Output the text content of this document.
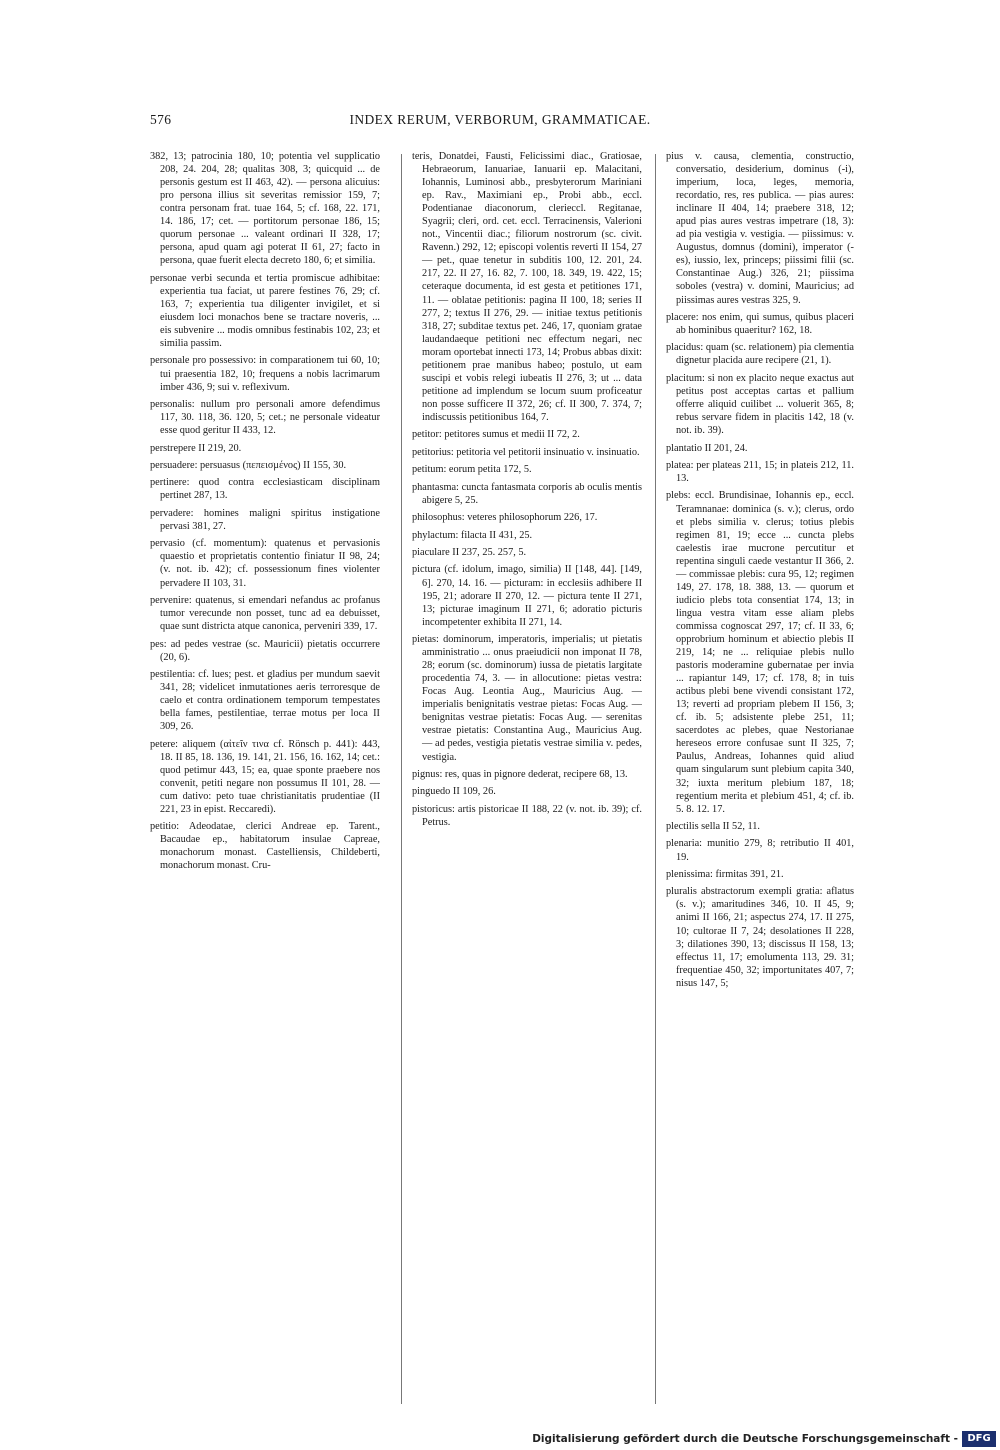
576	INDEX RERUM, VERBORUM, GRAMMATICAE.

382, 13; patrocinia 180, 10; potentia vel supplicatio 208, 24. 204, 28; qualitas 308, 3; quicquid ... de personis gestum est II 463, 42). — persona alicuius: pro persona illius sit severitas remissior 159, 7; contra personam frat. tuae 164, 5; cf. 168, 22. 171, 14. 186, 17; cet. — portitorum personae 186, 15; quorum personae ... valeant ordinari II 328, 17; persona, apud quam agi poterat II 61, 27; facto in persona, quae fuerit electa decreto 180, 6; et similia.

personae verbi secunda et tertia promiscue adhibitae: experientia tua faciat, ut parere festines 76, 29; cf. 163, 7; experientia tua diligenter invigilet, et si eiusdem loci monachos bene se tractare noveris, ... eis subvenire ... modis omnibus festinabis 102, 23; et similia passim.

personale pro possessivo: in comparationem tui 60, 10; tui praesentia 182, 10; frequens a nobis lacrimarum imber 436, 9; sui v. reflexivum.

personalis: nullum pro personali amore defendimus 117, 30. 118, 36. 120, 5; cet.; ne personale videatur esse quod geritur II 433, 12.

perstrepere II 219, 20.

persuadere: persuasus (πεπεισμένος) II 155, 30.

pertinere: quod contra ecclesiasticam disciplinam pertinet 287, 13.

pervadere: homines maligni spiritus instigatione pervasi 381, 27.

pervasio (cf. momentum): quatenus et pervasionis quaestio et proprietatis contentio finiatur II 98, 24; (v. not. ib. 42); cf. possessionum fines violenter pervadere II 103, 31.

pervenire: quatenus, si emendari nefandus ac profanus tumor verecunde non posset, tunc ad ea debuisset, quae sunt districta atque canonica, perveniri 339, 17.

pes: ad pedes vestrae (sc. Mauricii) pietatis occurrere (20, 6).

pestilentia: cf. lues; pest. et gladius per mundum saevit 341, 28; videlicet inmutationes aeris terroresque de caelo et contra ordinationem temporum tempestates bella fames, pestilentiae, terrae motus per loca II 309, 26.

petere: aliquem (αἰτεῖν τινα cf. Rönsch p. 441): 443, 18. II 85, 18. 136, 19. 141, 21. 156, 16. 162, 14; cet.: quod petimur 443, 15; ea, quae sponte praebere nos convenit, petiti negare non possumus II 101, 28. — cum dativo: peto tuae christianitatis prudentiae (II 221, 23 in epist. Reccaredi).

petitio: Adeodatae, clerici Andreae ep. Tarent., Bacaudae ep., habitatorum insulae Capreae, monachorum monast. Castelliensis, Childeberti, monachorum monast. Cru-

teris, Donatdei, Fausti, Felicissimi diac., Gratiosae, Hebraeorum, Ianuariae, Ianuarii ep. Malacitani, Iohannis, Luminosi abb., presbyterorum Mariniani ep. Rav., Maximiani ep., Probi abb., eccl. Podentianae diaconorum, clerieccl. Regitanae, Syagrii; cleri, ord. cet. eccl. Terracinensis, Valerioni not., Vincentii diac.; filiorum nostrorum (sc. civit. Ravenn.) 292, 12; episcopi volentis reverti II 154, 27 — pet., quae tenetur in subditis 100, 12. 201, 24. 217, 22. II 27, 16. 82, 7. 100, 18. 349, 19. 422, 15; ceteraque documenta, id est gesta et petitiones 171, 11. — oblatae petitionis: pagina II 100, 18; series II 277, 2; textus II 276, 29. — initiae textus petitionis 318, 27; subditae textus pet. 246, 17, quoniam gratae laudandaeque petitioni nec effectum negari, nec moram oportebat innecti 173, 14; Probus abbas dixit: petitionem prae manibus habeo; postulo, ut eam suscipi et vobis relegi iubeatis II 276, 3; ut ... data petitione ad implendum se locum suum proficeatur non posse sufficere II 372, 26; cf. II 300, 7. 374, 7; indiscussis petitionibus 164, 7.

petitor: petitores sumus et medii II 72, 2.

petitorius: petitoria vel petitorii insinuatio v. insinuatio.

petitum: eorum petita 172, 5.

phantasma: cuncta fantasmata corporis ab oculis mentis abigere 5, 25.

philosophus: veteres philosophorum 226, 17.

phylactum: filacta II 431, 25.

piaculare II 237, 25. 257, 5.

pictura (cf. idolum, imago, similia) II [148, 44]. [149, 6]. 270, 14. 16. — picturam: in ecclesiis adhibere II 195, 21; adorare II 270, 12. — pictura tente II 271, 13; picturae imaginum II 271, 6; adoratio picturis incompetenter exhibita II 271, 14.

pietas: dominorum, imperatoris, imperialis; ut pietatis amministratio ... onus praeiudicii non imponat II 78, 28; eorum (sc. dominorum) iussa de pietatis largitate procedentia 74, 3. — in allocutione: pietas vestra: Focas Aug. Leontia Aug., Mauricius Aug. — imperialis benignitatis vestrae pietas: Focas Aug. — benignitas vestrae pietatis: Focas Aug. — serenitas vestrae pietatis: Constantina Aug., Mauricius Aug. — ad pedes, vestigia pietatis vestrae similia v. pedes, vestigia.

pignus: res, quas in pignore dederat, recipere 68, 13.

pinguedo II 109, 26.

pistoricus: artis pistoricae II 188, 22 (v. not. ib. 39); cf. Petrus.

pius v. causa, clementia, constructio, conversatio, desiderium, dominus (-i), imperium, loca, leges, memoria, recordatio, res, res publica. — pias aures: inclinare II 404, 14; praebere 318, 12; apud pias aures vestras impetrare (18, 3): ad pia vestigia v. vestigia. — piissimus: v. Augustus, domnus (domini), imperator (-es), iussio, lex, princeps; piissimi filii (sc. Constantinae Aug.) 326, 21; piissima soboles (vestra) v. domini, Mauricius; ad piissimas aures vestras 325, 9.

placere: nos enim, qui sumus, quibus placeri ab hominibus quaeritur? 162, 18.

placidus: quam (sc. relationem) pia clementia dignetur placida aure recipere (21, 1).

placitum: si non ex placito neque exactus aut petitus post acceptas cartas et pallium offerre aliquid cuilibet ... voluerit 365, 8; rebus servare fidem in placitis 142, 18 (v. not. ib. 39).

plantatio II 201, 24.

platea: per plateas 211, 15; in plateis 212, 11. 13.

plebs: eccl. Brundisinae, Iohannis ep., eccl. Teramnanae: dominica (s. v.); clerus, ordo et plebs similia v. clerus; totius plebis regimen 81, 19; ecce ... cuncta plebs caelestis irae mucrone percutitur et repentina singuli caede vestantur II 366, 2. — commissae plebis: cura 95, 12; regimen 149, 27. 178, 18. 388, 13. — quorum et iudicio plebs tota consentiat 174, 13; in lingua vestra vitam esse aliam plebs commissa cognoscat 297, 17; cf. II 33, 6; opprobrium hominum et abiectio plebis II 219, 14; ne ... reliquiae plebis nullo pastoris moderamine gubernatae per invia ... rapiantur 149, 17; cf. 178, 8; in tuis actibus plebi bene vivendi consistant 172, 13; reverti ad propriam plebem II 156, 3; cf. ib. 5; adsistente plebe 251, 11; sacerdotes ac plebes, quae Nestorianae hereseos errore confusae sunt II 325, 7; Paulus, Andreas, Iohannes quid aliud quam singularum sunt plebium capita 340, 32; iuxta meritum plebium 187, 18; regentium merita et plebium 451, 4; cf. ib. 5. 8. 12. 17.

plectilis sella II 52, 11.

plenaria: munitio 279, 8; retributio II 401, 19.

plenissima: firmitas 391, 21.

pluralis abstractorum exempli gratia: aflatus (s. v.); amaritudines 346, 10. II 45, 9; animi II 166, 21; aspectus 274, 17. II 275, 10; cultorae II 7, 24; desolationes II 228, 3; dilationes 390, 13; discissus II 158, 13; effectus 11, 17; emolumenta 113, 29. 31; frequentiae 450, 32; importunitates 407, 7; nisus 147, 5;

Digitalisierung gefördert durch die Deutsche Forschungsgemeinschaft - DFG
